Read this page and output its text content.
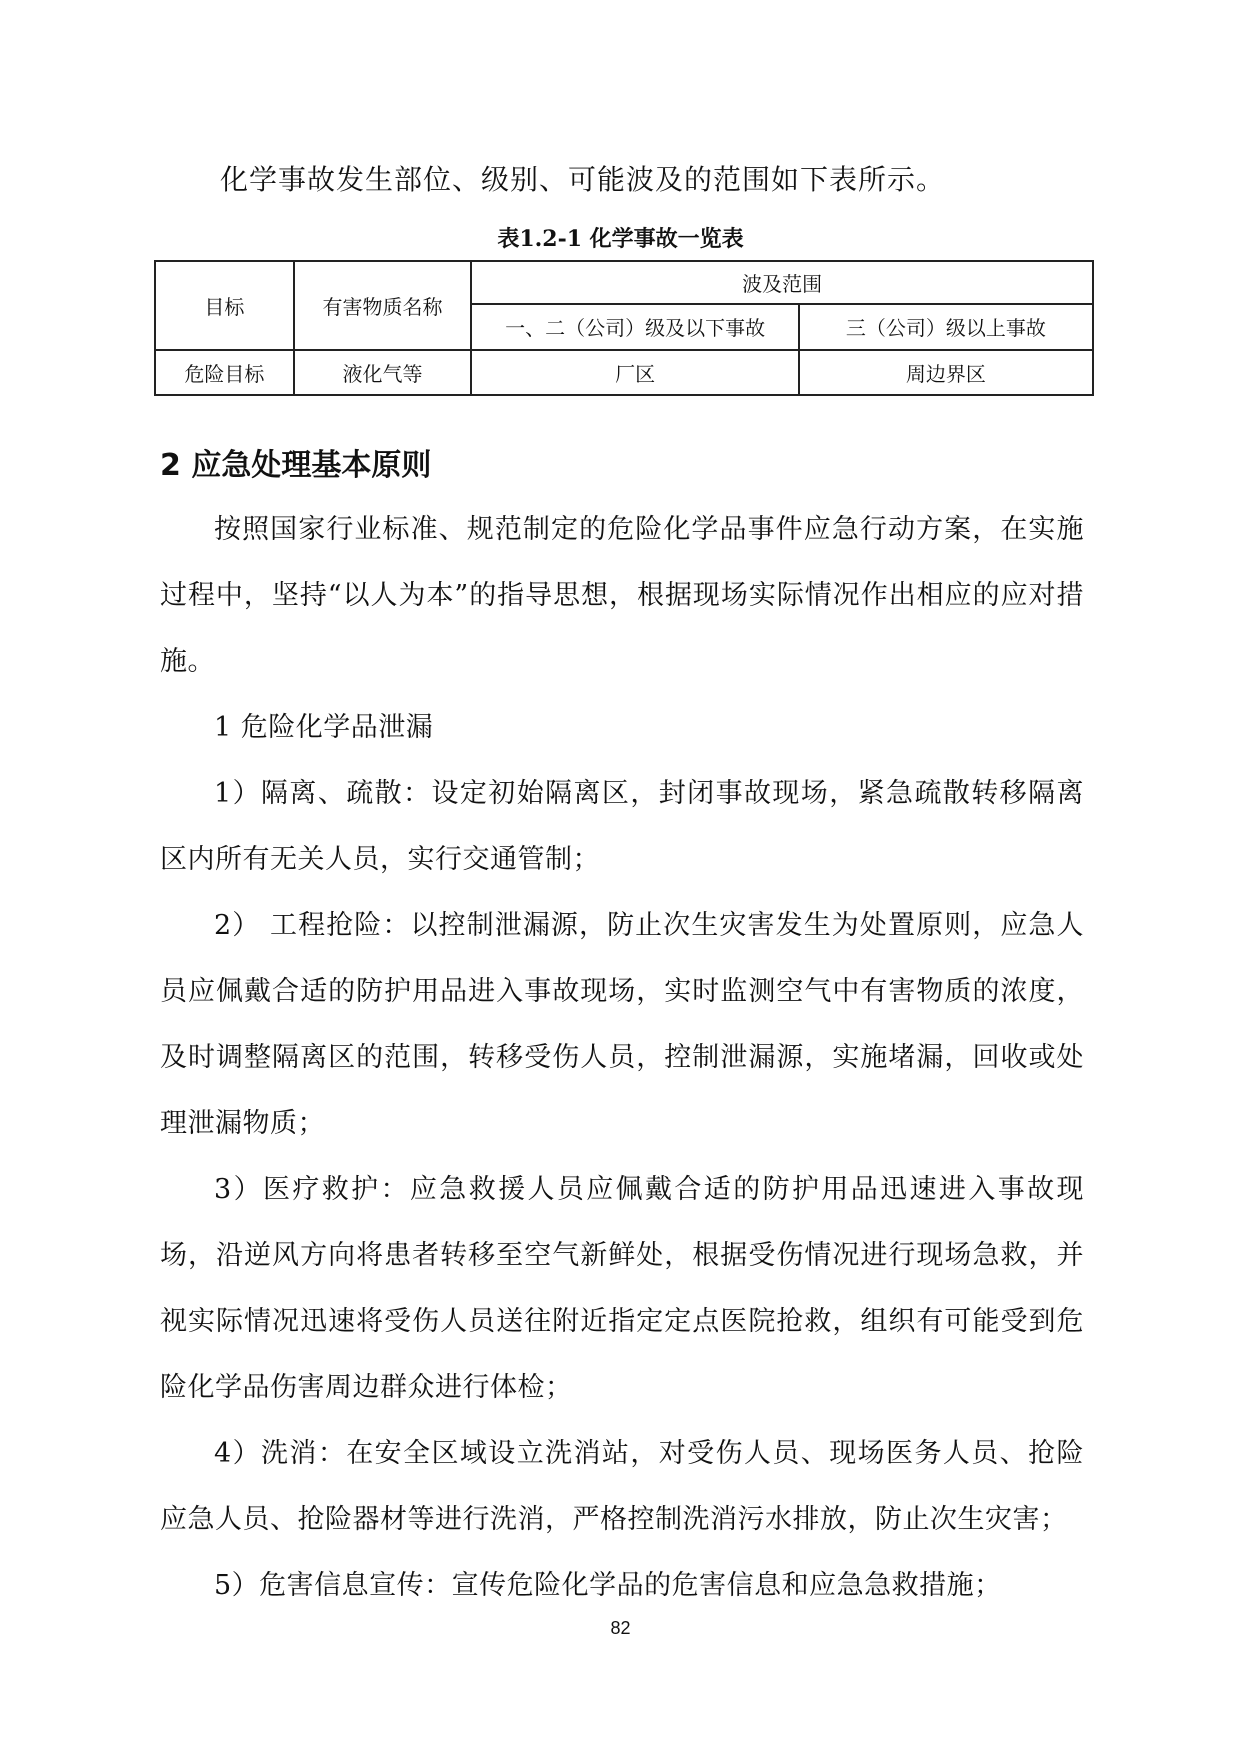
化学事故发生部位、级别、可能波及的范围如下表所示。
表1.2-1 化学事故一览表
目标	有害物质名称	波及范围	
		一、二（公司）级及以下事故	三（公司）级以上事故
危险目标	液化气等	厂区	周边界区
2 应急处理基本原则

按照国家行业标准、规范制定的危险化学品事件应急行动方案，在实施过程中，坚持“以人为本”的指导思想，根据现场实际情况作出相应的应对措施。

1 危险化学品泄漏

1）隔离、疏散：设定初始隔离区，封闭事故现场，紧急疏散转移隔离区内所有无关人员，实行交通管制；

2） 工程抢险：以控制泄漏源，防止次生灾害发生为处置原则，应急人员应佩戴合适的防护用品进入事故现场，实时监测空气中有害物质的浓度，及时调整隔离区的范围，转移受伤人员，控制泄漏源，实施堵漏，回收或处理泄漏物质；

3）医疗救护：应急救援人员应佩戴合适的防护用品迅速进入事故现场，沿逆风方向将患者转移至空气新鲜处，根据受伤情况进行现场急救，并视实际情况迅速将受伤人员送往附近指定定点医院抢救，组织有可能受到危险化学品伤害周边群众进行体检；

4）洗消：在安全区域设立洗消站，对受伤人员、现场医务人员、抢险应急人员、抢险器材等进行洗消，严格控制洗消污水排放，防止次生灾害；

5）危害信息宣传：宣传危险化学品的危害信息和应急急救措施；

82
